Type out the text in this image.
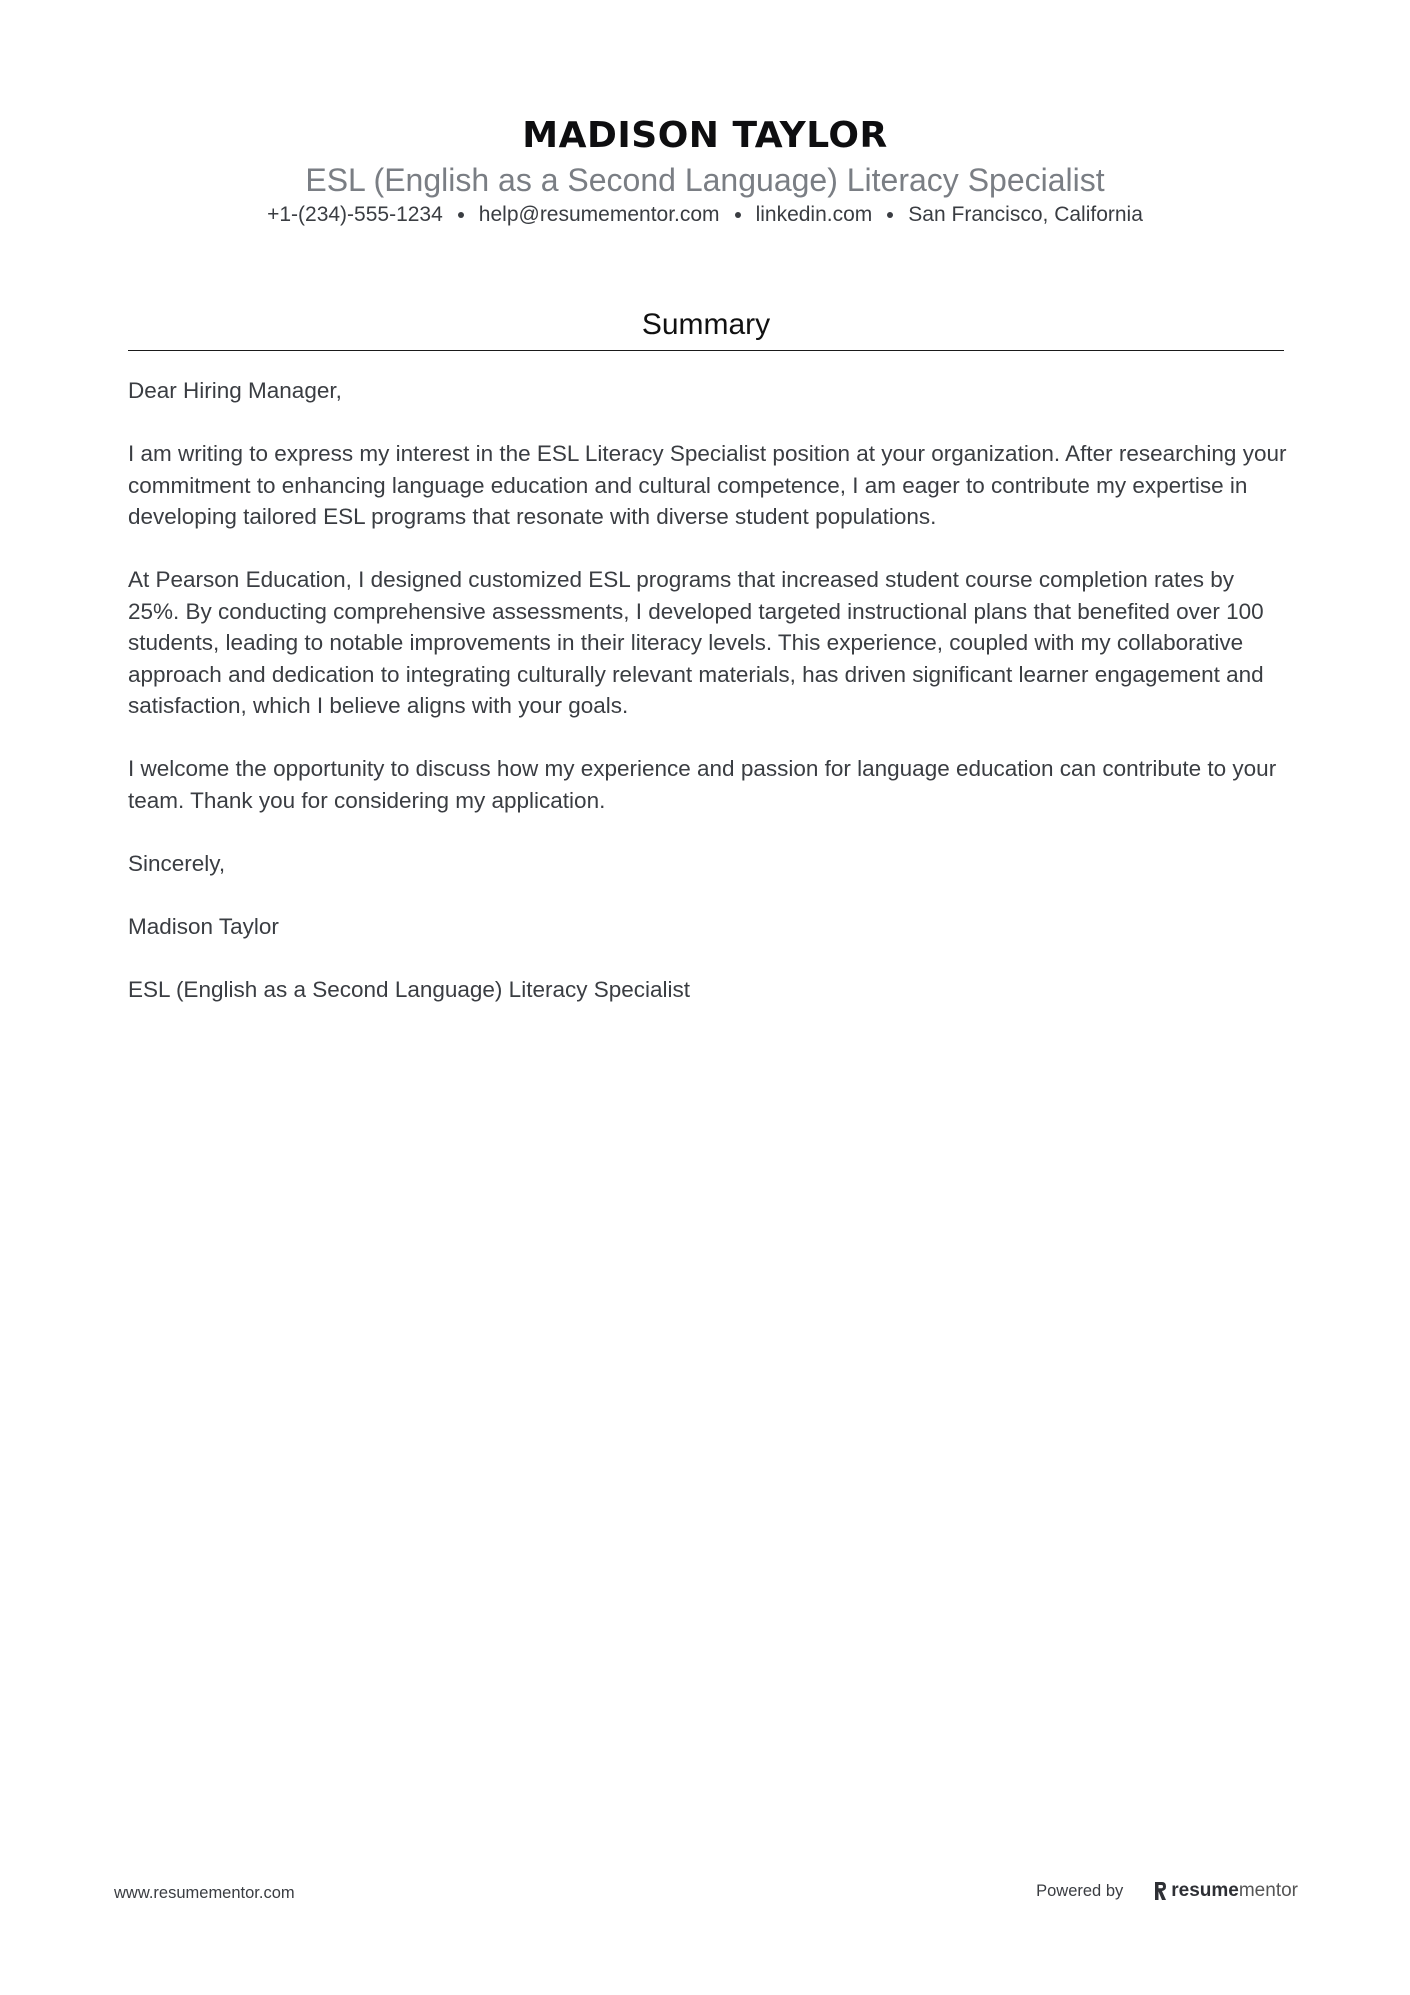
MADISON TAYLOR
ESL (English as a Second Language) Literacy Specialist
+1-(234)-555-1234 help@resumementor.com linkedin.com San Francisco, California
Summary

Dear Hiring Manager,

I am writing to express my interest in the ESL Literacy Specialist position at your organization. After researching your commitment to enhancing language education and cultural competence, I am eager to contribute my expertise in developing tailored ESL programs that resonate with diverse student populations.

At Pearson Education, I designed customized ESL programs that increased student course completion rates by 25%. By conducting comprehensive assessments, I developed targeted instructional plans that benefited over 100 students, leading to notable improvements in their literacy levels. This experience, coupled with my collaborative approach and dedication to integrating culturally relevant materials, has driven significant learner engagement and satisfaction, which I believe aligns with your goals.

I welcome the opportunity to discuss how my experience and passion for language education can contribute to your team. Thank you for considering my application.

Sincerely,

Madison Taylor

ESL (English as a Second Language) Literacy Specialist

www.resumementor.com	Powered by	resume mentor
